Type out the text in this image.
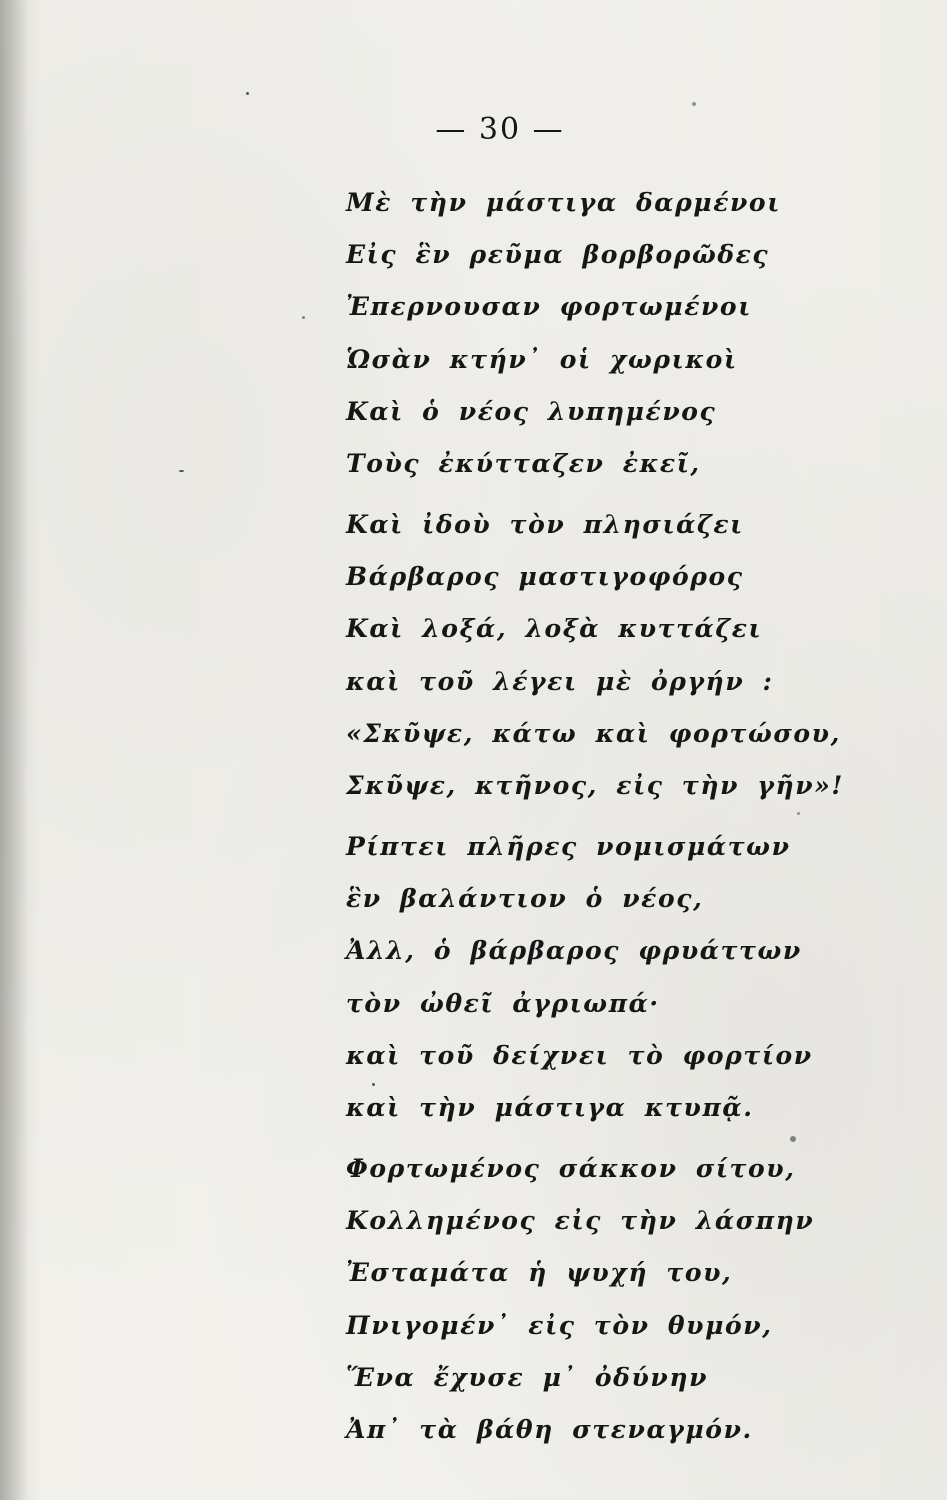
— 30 —
Μὲ τὴν μάστιγα δαρμένοι
Εἰς ἓν ρεῦμα βορβορῶδες
Ἐπερνουσαν φορτωμένοι
Ὡσὰν κτήν᾽ οἱ χωρικοὶ
Καὶ ὁ νέος λυπημένος
Τοὺς ἐκύτταζεν ἐκεῖ,
Καὶ ἰδοὺ τὸν πλησιάζει
Βάρβαρος μαστιγοφόρος
Καὶ λοξά, λοξὰ κυττάζει
καὶ τοῦ λέγει μὲ ὀργήν :
«Σκῦψε, κάτω καὶ φορτώσου,
Σκῦψε, κτῆνος, εἰς τὴν γῆν»!
Ρίπτει πλῆρες νομισμάτων
ἓν βαλάντιον ὁ νέος,
Ἀλλ, ὁ βάρβαρος φρυάττων
τὸν ὠθεῖ ἀγριωπά·
καὶ τοῦ δείχνει τὸ φορτίον
καὶ τὴν μάστιγα κτυπᾷ.
Φορτωμένος σάκκον σίτου,
Κολλημένος εἰς τὴν λάσπην
Ἐσταμάτα ἡ ψυχή του,
Πνιγομέν᾽ εἰς τὸν θυμόν,
Ἕνα ἔχυσε μ᾽ ὀδύνην
Ἀπ᾽ τὰ βάθη στεναγμόν.
